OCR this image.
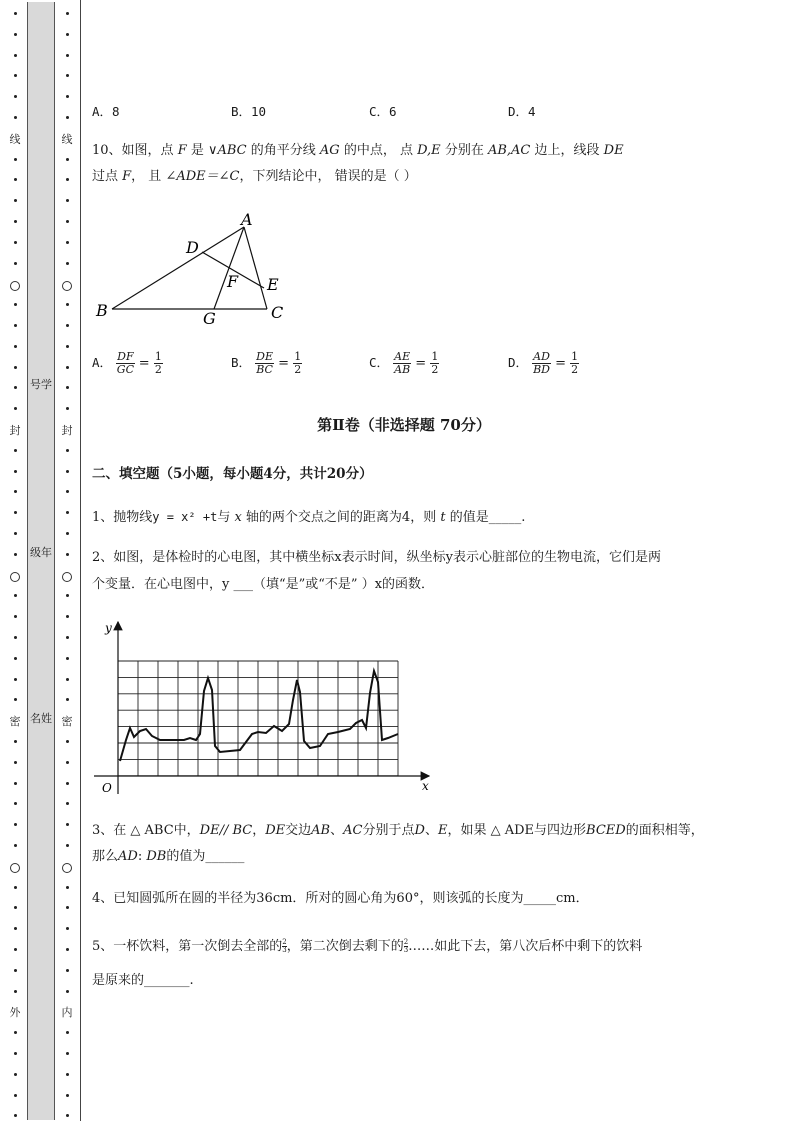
线
封
密
外
号学
级年
名姓
线
封
密
内
A．8	B．10	C．6	D．4
10、如图，点 F 是 ∨ABC 的角平分线 AG 的中点， 点 D,E 分别在 AB,AC 边上，线段 DE
过点 F， 且 ∠ADE＝∠C，下列结论中， 错误的是（ ）
A
B	C
D
E
F
G
A． $\frac{DF}{GC} = \frac{1}{2}$	B． $\frac{DE}{BC} = \frac{1}{2}$	C． $\frac{AE}{AB} = \frac{1}{2}$	D． $\frac{AD}{BD} = \frac{1}{2}$
第Ⅱ卷（非选择题 70分）
二、填空题（5小题，每小题4分，共计20分）
1、抛物线y = x² +t与 x 轴的两个交点之间的距离为4，则 t 的值是_____.
2、如图，是体检时的心电图，其中横坐标x表示时间，纵坐标y表示心脏部位的生物电流，它们是两
个变量．在心电图中，y ___（填“是”或“不是” ）x的函数．
y
x
O
3、在 △ ABC中，DE// BC，DE交边AB、AC分别于点D、E，如果 △ ADE与四边形BCED的面积相等，
那么AD: DB的值为______
4、已知圆弧所在圆的半径为36cm．所对的圆心角为60°，则该弧的长度为_____cm．
5、一杯饮料，第一次倒去全部的 $\frac{2}{3}$ ，第二次倒去剩下的 $\frac{2}{3}$ ……如此下去，第八次后杯中剩下的饮料
是原来的_______.
